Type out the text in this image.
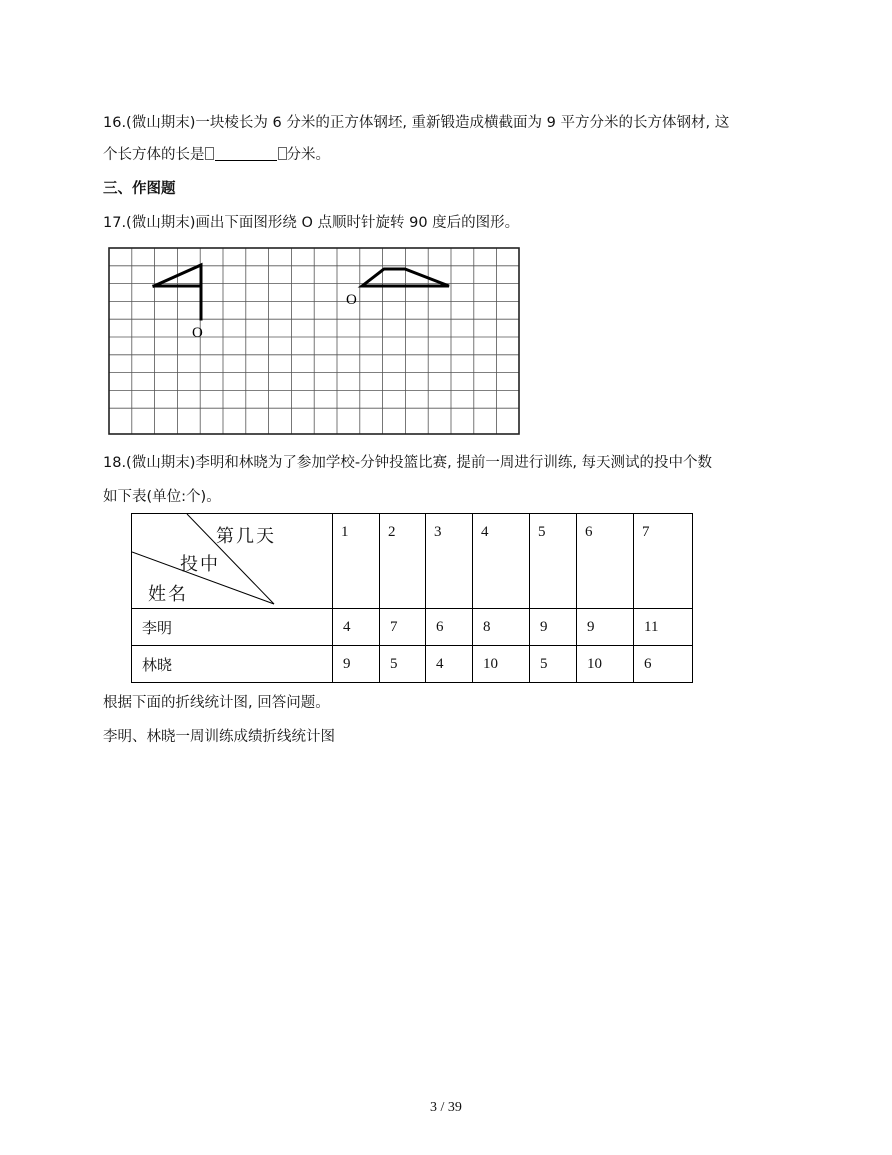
16.(微山期末)一块棱长为 6 分米的正方体钢坯, 重新锻造成横截面为 9 平方分米的长方体钢材, 这
个长方体的长是	分米。
三、作图题
17.(微山期末)画出下面图形绕 O 点顺时针旋转 90 度后的图形。
O
O
18.(微山期末)李明和林晓为了参加学校-分钟投篮比赛, 提前一周进行训练, 每天测试的投中个数
如下表(单位:个)。
第几天
投中
姓名	1	2	3	4	5	6	7
李明	4	7	6	8	9	9	11
林晓	9	5	4	10	5	10	6
根据下面的折线统计图, 回答问题。
李明、林晓一周训练成绩折线统计图
3 / 39
